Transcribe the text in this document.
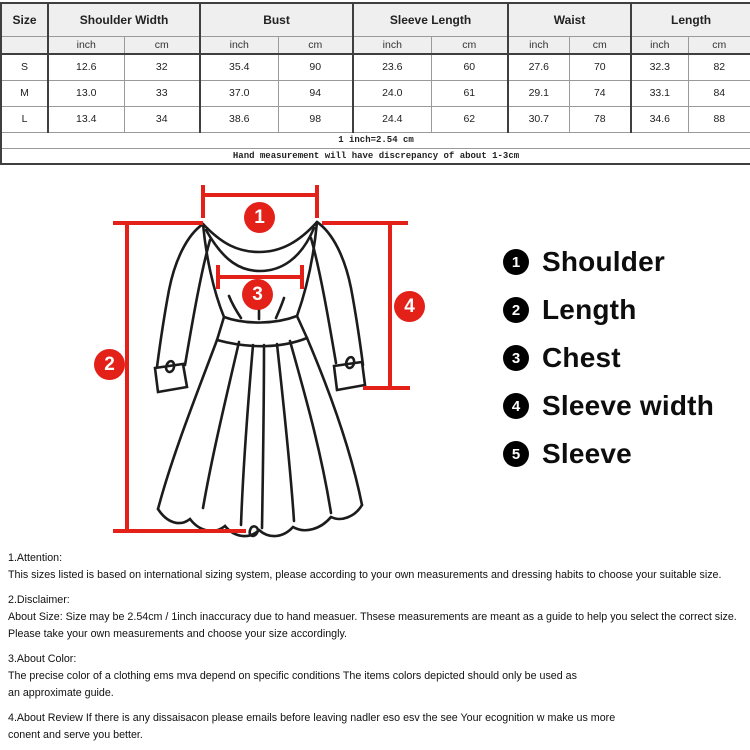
Size	Shoulder Width		Bust		Sleeve Length		Waist		Length	
	inch	cm	inch	cm	inch	cm	inch	cm	inch	cm
S	12.6	32	35.4	90	23.6	60	27.6	70	32.3	82
M	13.0	33	37.0	94	24.0	61	29.1	74	33.1	84
L	13.4	34	38.6	98	24.4	62	30.7	78	34.6	88
1 inch=2.54 cm										
Hand measurement will have discrepancy of about 1-3cm										
1
2
3
4
1 Shoulder
2 Length
3 Chest
4 Sleeve width
5 Sleeve
1.Attention:
This sizes listed is based on international sizing system, please according to your own measurements and dressing habits to choose your suitable size.
2.Disclaimer:
About Size: Size may be 2.54cm / 1inch inaccuracy due to hand measuer. Thsese measurements are meant as a guide to help you select the correct size.
Please take your own measurements and choose your size accordingly.
3.About Color:
The precise color of a clothing ems mva depend on specific conditions The items colors depicted should only be used as
an approximate guide.
4.About Review If there is any dissaisacon please emails before leaving nadler eso esv the see Your ecognition w make us more
conent and serve you better.
